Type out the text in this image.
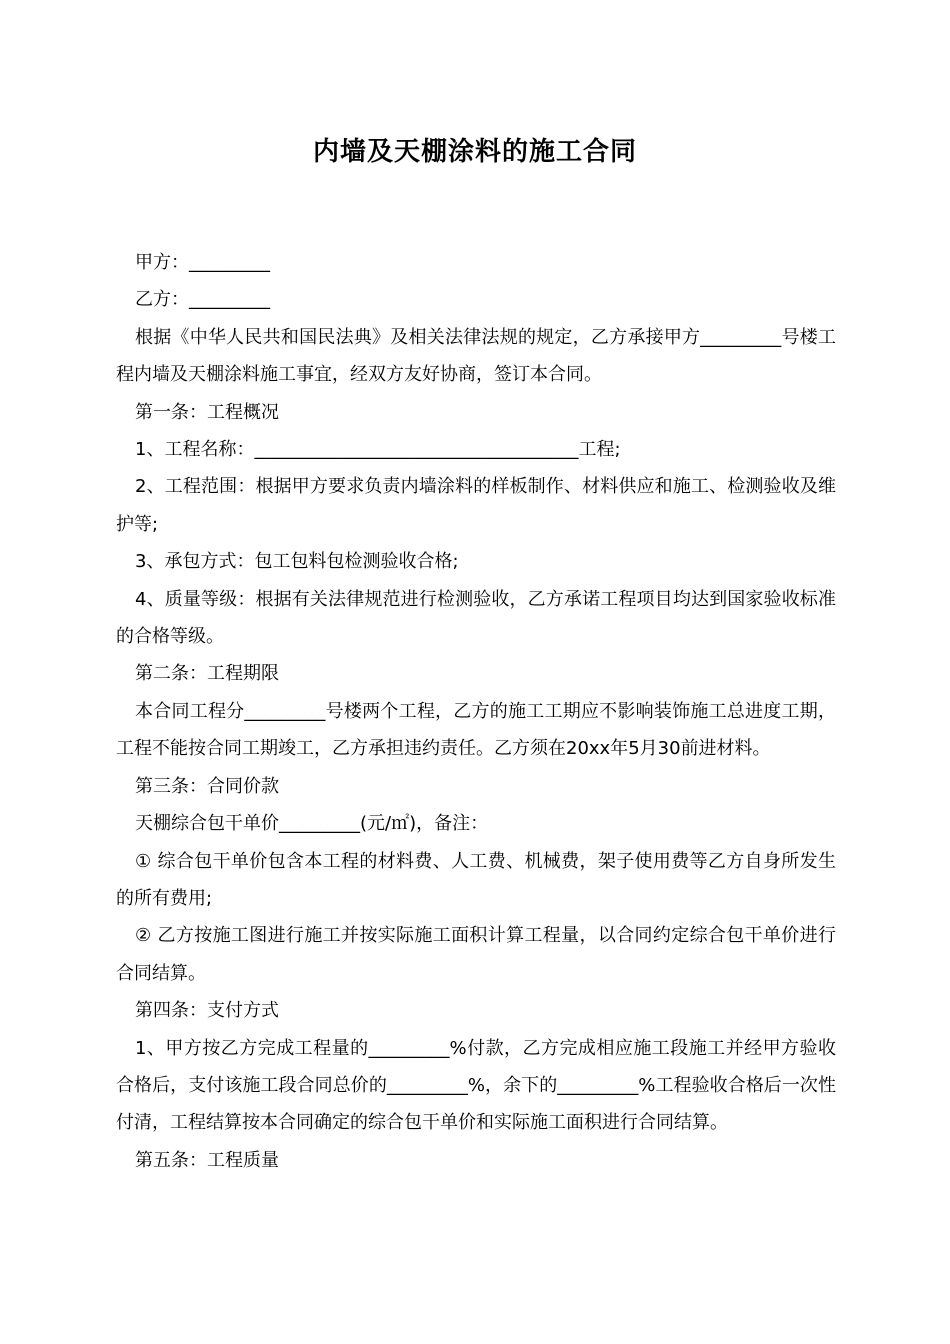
内墙及天棚涂料的施工合同

甲方：_________

乙方：_________

根据《中华人民共和国民法典》及相关法律法规的规定，乙方承接甲方_________号楼工程内墙及天棚涂料施工事宜，经双方友好协商，签订本合同。

第一条：工程概况

1、工程名称：____________________________________工程;

2、工程范围：根据甲方要求负责内墙涂料的样板制作、材料供应和施工、检测验收及维护等;

3、承包方式：包工包料包检测验收合格;

4、质量等级：根据有关法律规范进行检测验收，乙方承诺工程项目均达到国家验收标准的合格等级。

第二条：工程期限

本合同工程分_________号楼两个工程，乙方的施工工期应不影响装饰施工总进度工期，工程不能按合同工期竣工，乙方承担违约责任。乙方须在20xx年5月30前进材料。

第三条：合同价款

天棚综合包干单价_________(元/㎡)，备注：

① 综合包干单价包含本工程的材料费、人工费、机械费，架子使用费等乙方自身所发生的所有费用;

② 乙方按施工图进行施工并按实际施工面积计算工程量，以合同约定综合包干单价进行合同结算。

第四条：支付方式

1、甲方按乙方完成工程量的_________%付款，乙方完成相应施工段施工并经甲方验收合格后，支付该施工段合同总价的_________%，余下的_________%工程验收合格后一次性付清，工程结算按本合同确定的综合包干单价和实际施工面积进行合同结算。

第五条：工程质量
